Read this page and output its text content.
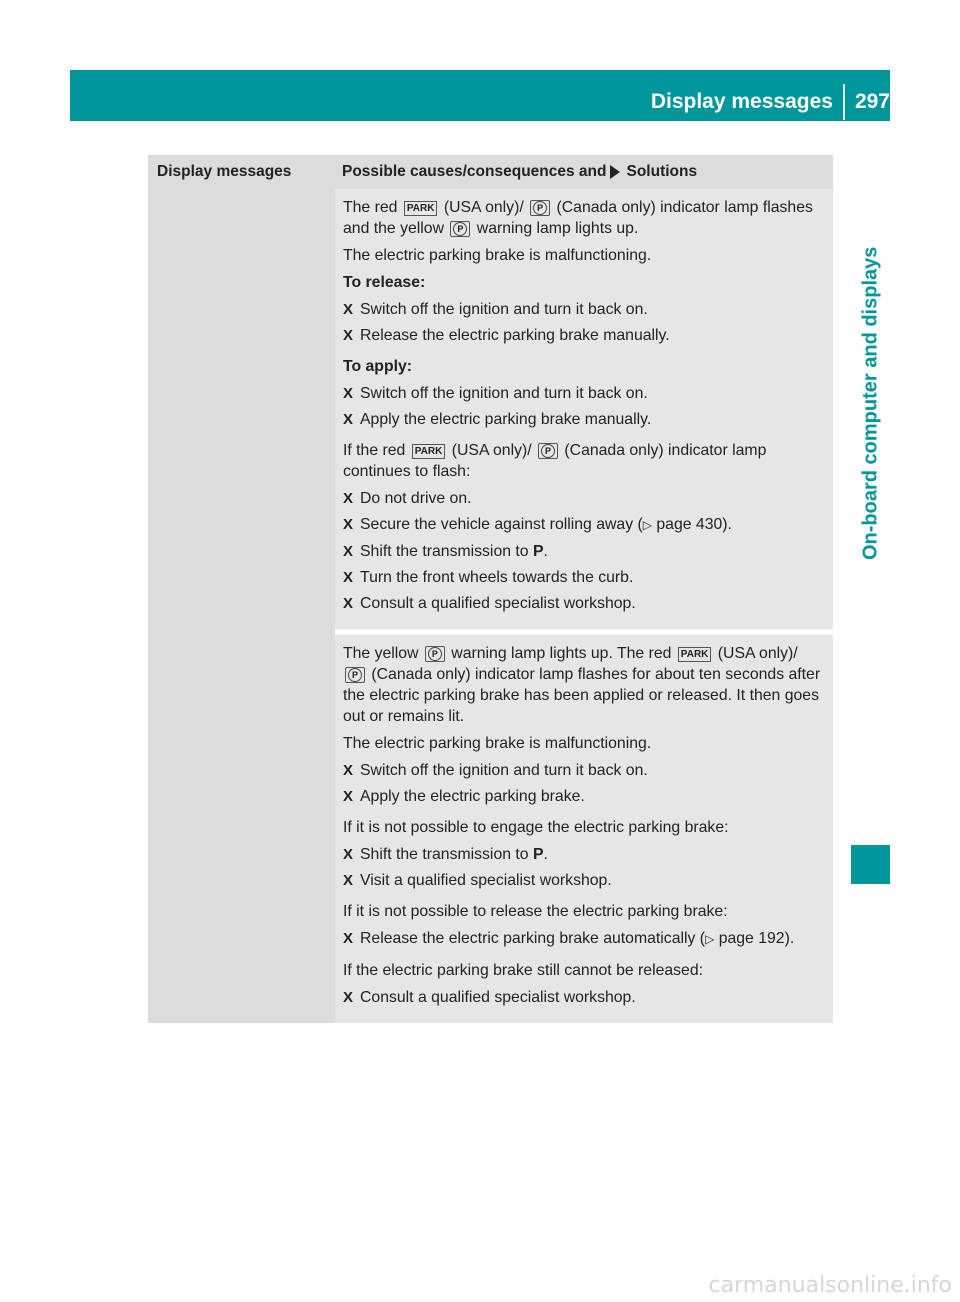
Display messages 297
On-board computer and displays
Display messages	Possible causes/consequences and Solutions

The red PARK (USA only)/ P (Canada only) indicator lamp flashes and the yellow P warning lamp lights up.

The electric parking brake is malfunctioning.

To release:

X Switch off the ignition and turn it back on.
X Release the electric parking brake manually.

To apply:

X Switch off the ignition and turn it back on.
X Apply the electric parking brake manually.

If the red PARK (USA only)/ P (Canada only) indicator lamp continues to flash:

X Do not drive on.
X Secure the vehicle against rolling away (▷ page 430).
X Shift the transmission to P.
X Turn the front wheels towards the curb.
X Consult a qualified specialist workshop.

The yellow P warning lamp lights up. The red PARK (USA only)/ P (Canada only) indicator lamp flashes for about ten seconds after the electric parking brake has been applied or released. It then goes out or remains lit.

The electric parking brake is malfunctioning.

X Switch off the ignition and turn it back on.
X Apply the electric parking brake.

If it is not possible to engage the electric parking brake:

X Shift the transmission to P.
X Visit a qualified specialist workshop.

If it is not possible to release the electric parking brake:

X Release the electric parking brake automatically (▷ page 192).

If the electric parking brake still cannot be released:

X Consult a qualified specialist workshop.
carmanualsonline.info
